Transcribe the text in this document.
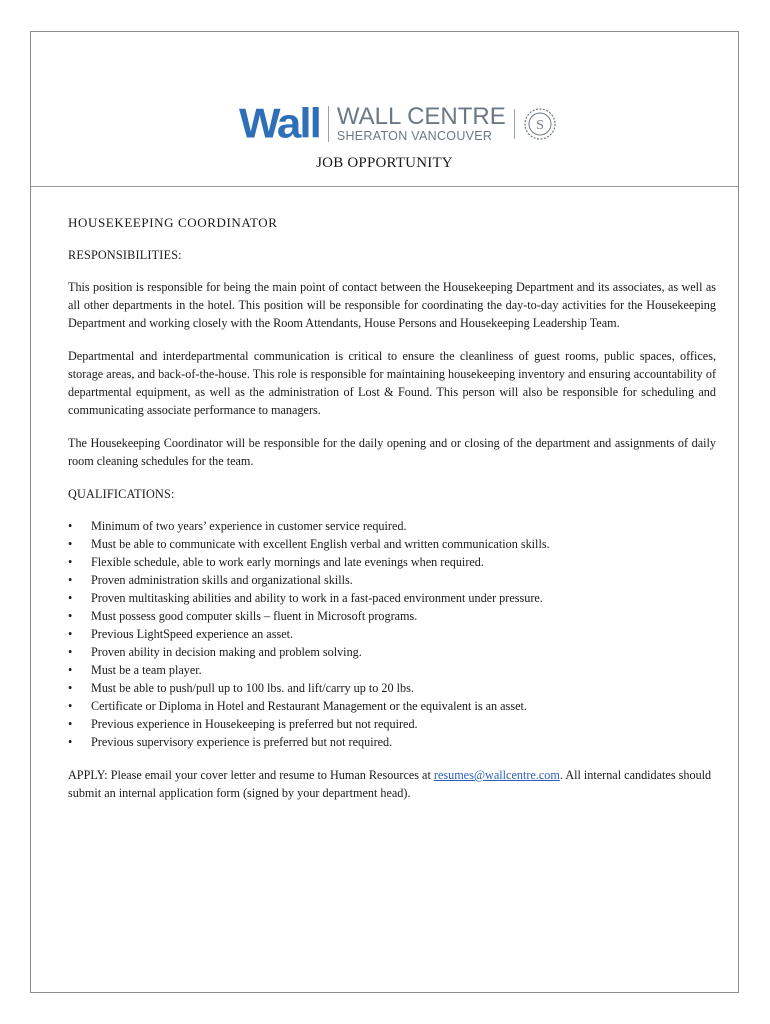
Wall WALL CENTRE
SHERATON VANCOUVER
S
JOB OPPORTUNITY

HOUSEKEEPING COORDINATOR

RESPONSIBILITIES:

This position is responsible for being the main point of contact between the Housekeeping Department and its associates, as well as all other departments in the hotel. This position will be responsible for coordinating the day-to-day activities for the Housekeeping Department and working closely with the Room Attendants, House Persons and Housekeeping Leadership Team.

Departmental and interdepartmental communication is critical to ensure the cleanliness of guest rooms, public spaces, offices, storage areas, and back-of-the-house. This role is responsible for maintaining housekeeping inventory and ensuring accountability of departmental equipment, as well as the administration of Lost & Found. This person will also be responsible for scheduling and communicating associate performance to managers.

The Housekeeping Coordinator will be responsible for the daily opening and or closing of the department and assignments of daily room cleaning schedules for the team.

QUALIFICATIONS:

• Minimum of two years’ experience in customer service required.
• Must be able to communicate with excellent English verbal and written communication skills.
• Flexible schedule, able to work early mornings and late evenings when required.
• Proven administration skills and organizational skills.
• Proven multitasking abilities and ability to work in a fast-paced environment under pressure.
• Must possess good computer skills – fluent in Microsoft programs.
• Previous LightSpeed experience an asset.
• Proven ability in decision making and problem solving.
• Must be a team player.
• Must be able to push/pull up to 100 lbs. and lift/carry up to 20 lbs.
• Certificate or Diploma in Hotel and Restaurant Management or the equivalent is an asset.
• Previous experience in Housekeeping is preferred but not required.
• Previous supervisory experience is preferred but not required.

APPLY: Please email your cover letter and resume to Human Resources at resumes@wallcentre.com. All internal candidates should submit an internal application form (signed by your department head).
